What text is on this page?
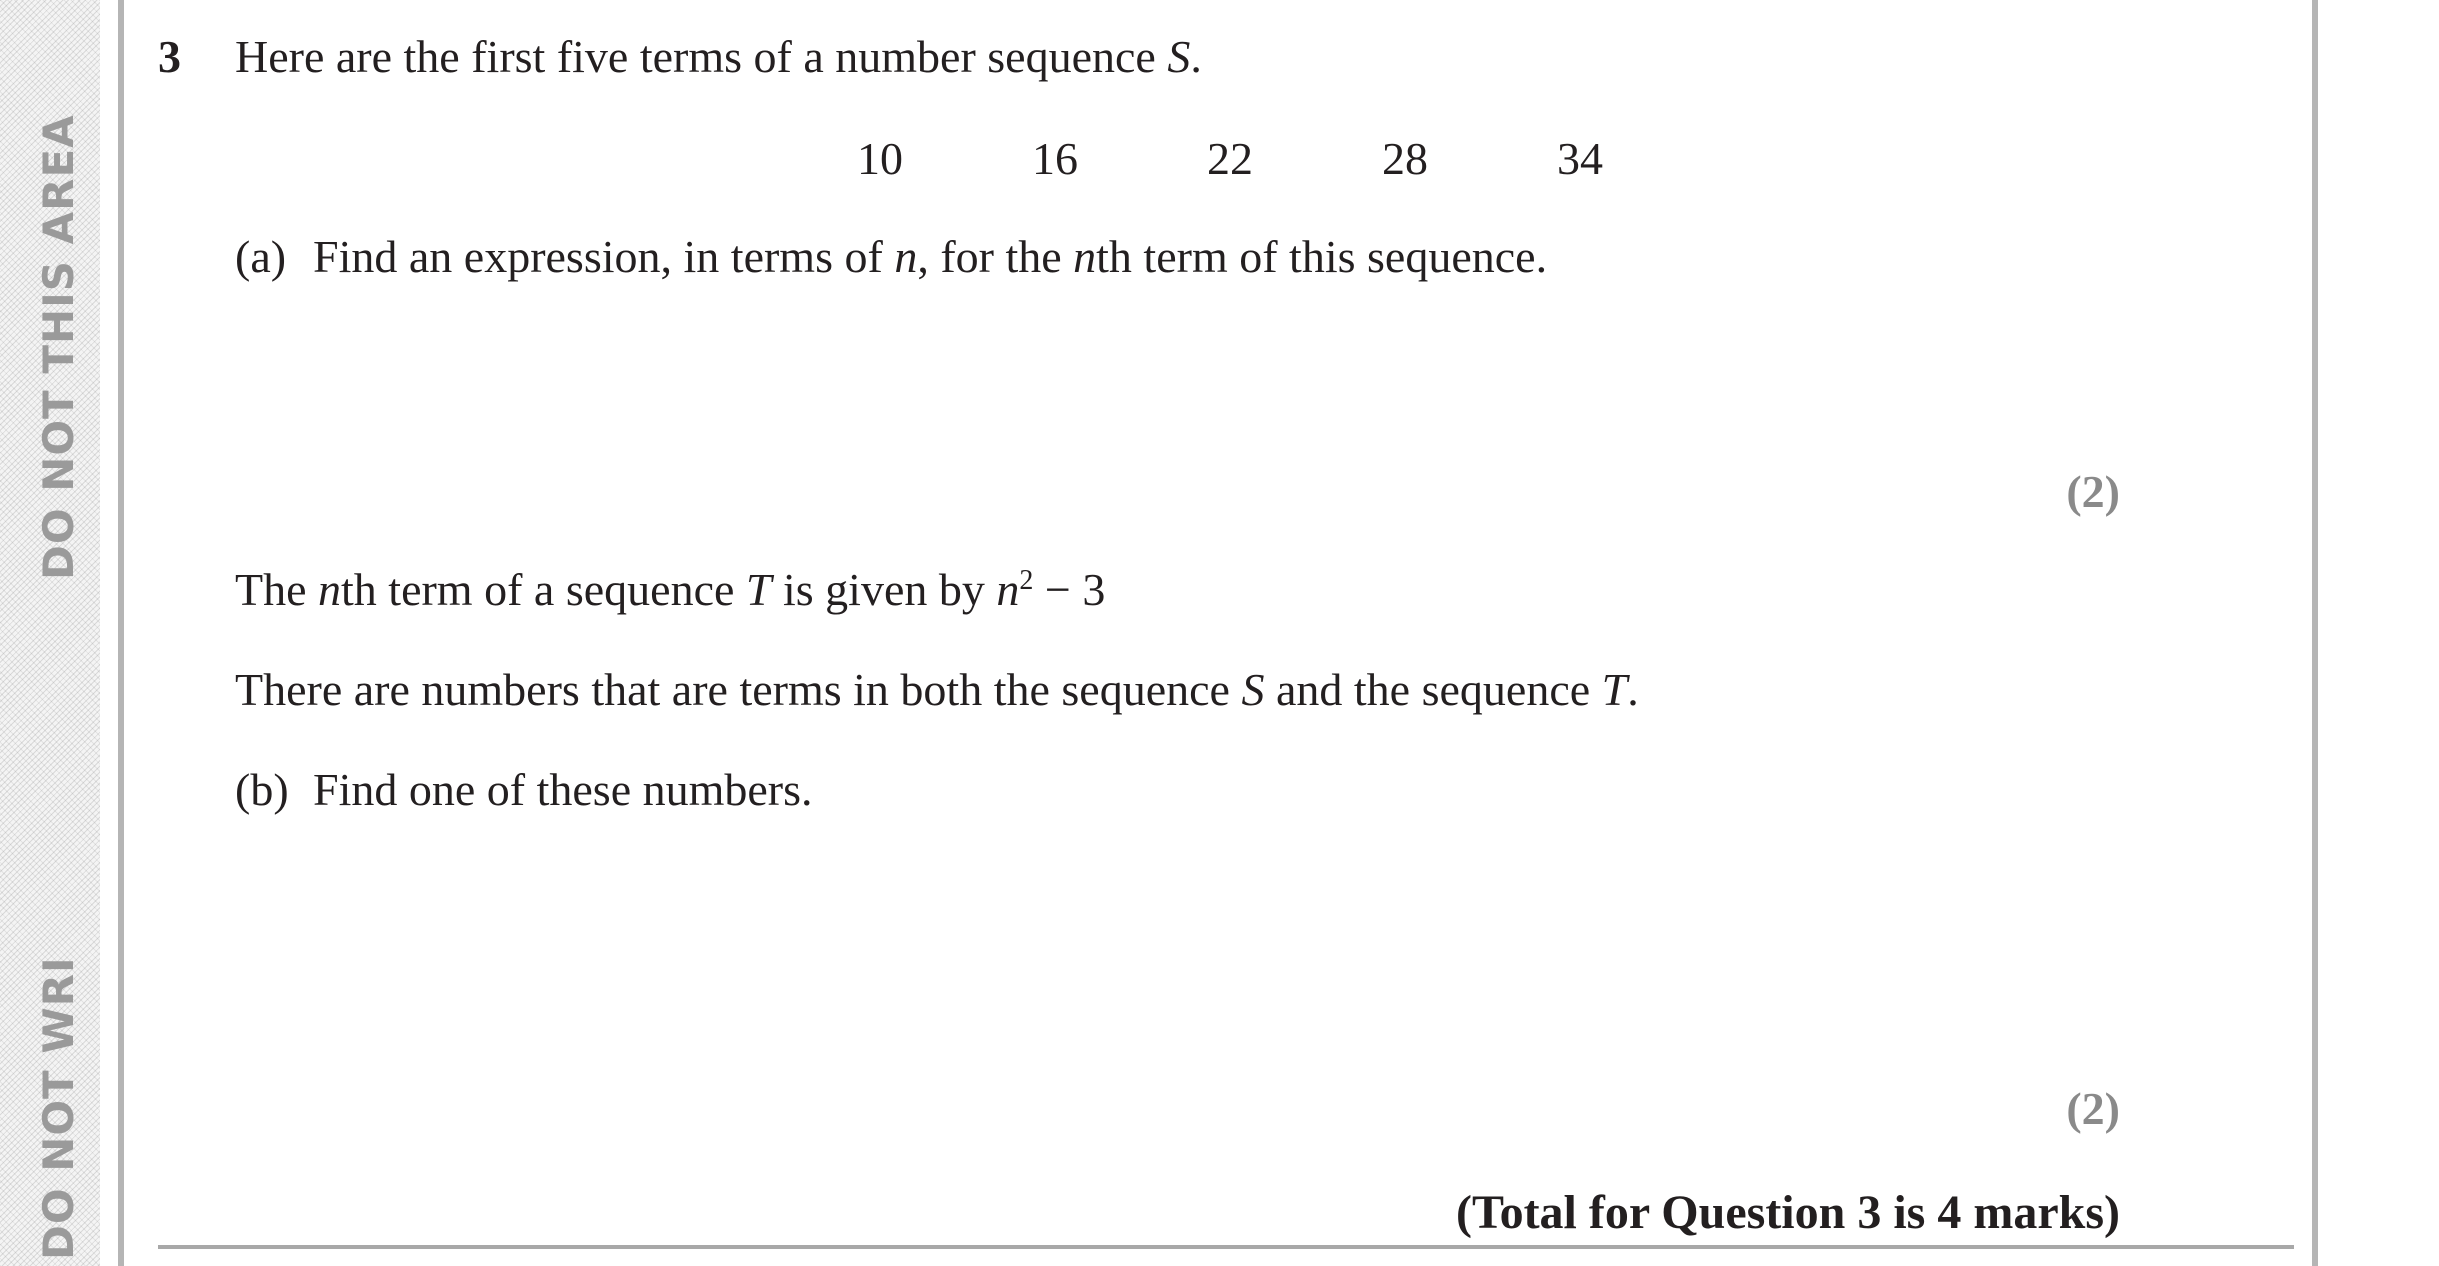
DO NOT THIS AREA
DO NOT WRI
3 Here are the first five terms of a number sequence S.
10	16	22	28	34
(a) Find an expression, in terms of n, for the nth term of this sequence.
(2)
The nth term of a sequence T is given by $n^2 - 3$
There are numbers that are terms in both the sequence S and the sequence T.
(b) Find one of these numbers.
(2)
(Total for Question 3 is 4 marks)
